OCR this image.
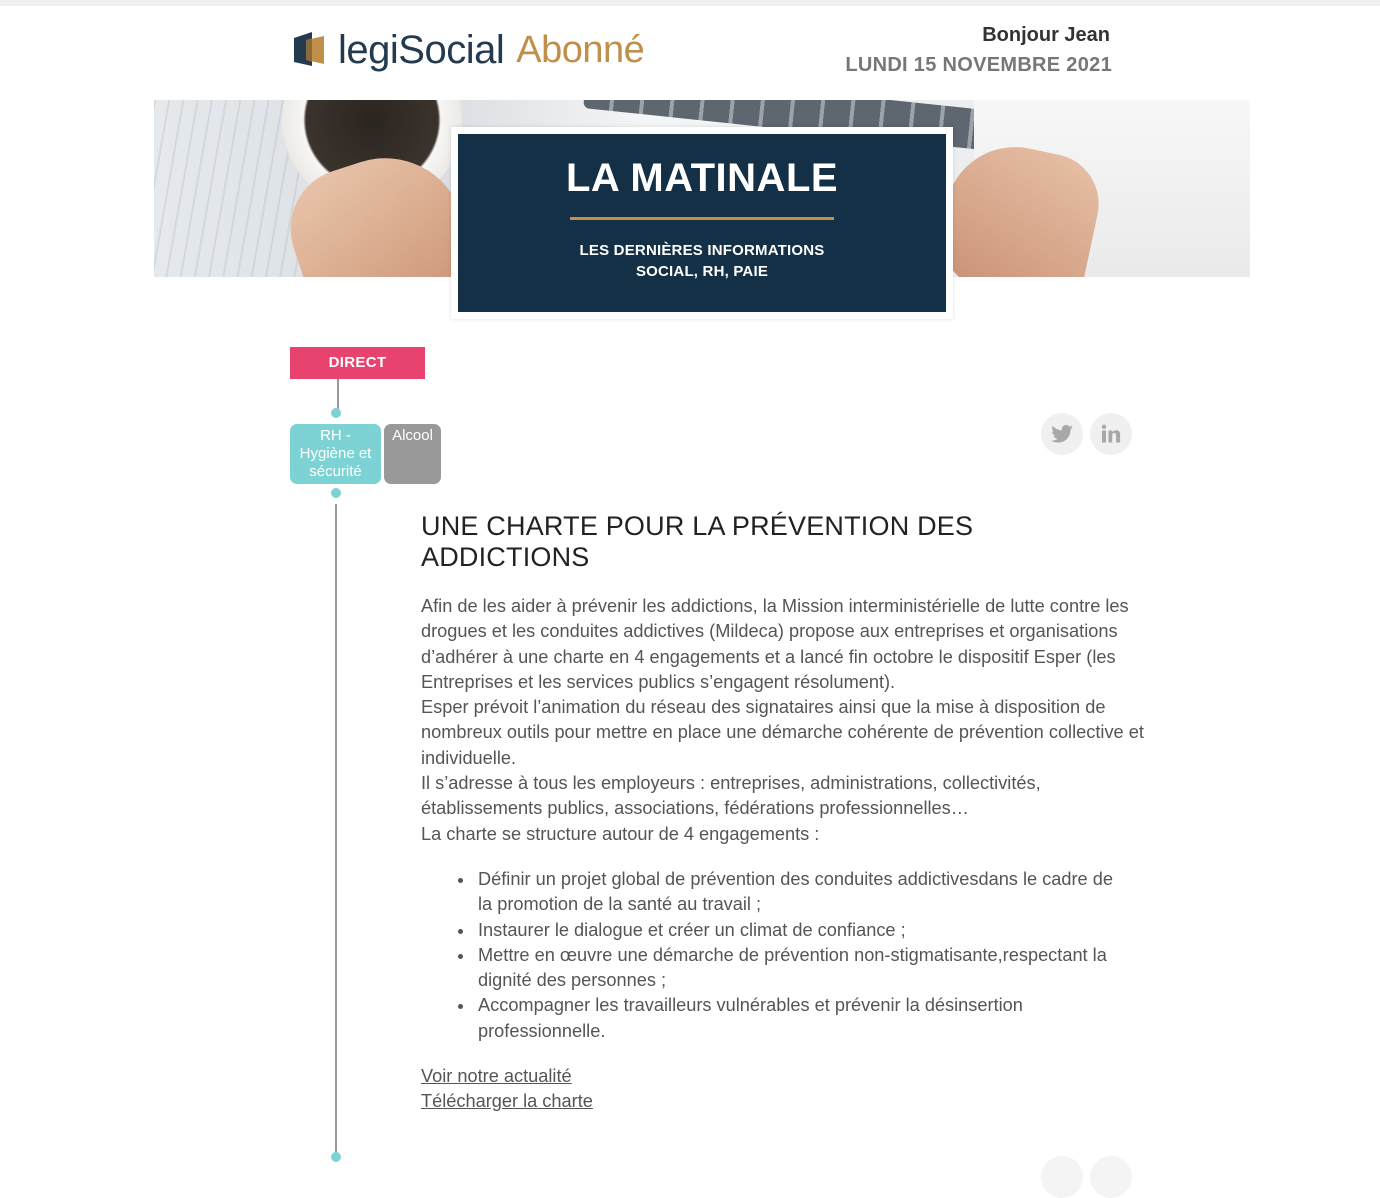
legiSocial Abonné	Bonjour Jean
LUNDI 15 NOVEMBRE 2021
LA MATINALE
LES DERNIÈRES INFORMATIONS
SOCIAL, RH, PAIE
DIRECT
RH -
Hygiène et
sécurité
Alcool
UNE CHARTE POUR LA PRÉVENTION DES
ADDICTIONS

Afin de les aider à prévenir les addictions, la Mission interministérielle de lutte contre les drogues et les conduites addictives (Mildeca) propose aux entreprises et organisations d’adhérer à une charte en 4 engagements et a lancé fin octobre le dispositif Esper (les Entreprises et les services publics s’engagent résolument).

Esper prévoit l’animation du réseau des signataires ainsi que la mise à disposition de nombreux outils pour mettre en place une démarche cohérente de prévention collective et individuelle.

Il s’adresse à tous les employeurs : entreprises, administrations, collectivités, établissements publics, associations, fédérations professionnelles…

La charte se structure autour de 4 engagements :

Définir un projet global de prévention des conduites addictivesdans le cadre de la promotion de la santé au travail ;
Instaurer le dialogue et créer un climat de confiance ;
Mettre en œuvre une démarche de prévention non-stigmatisante,respectant la dignité des personnes ;
Accompagner les travailleurs vulnérables et prévenir la désinsertion professionnelle.
Voir notre actualité
Télécharger la charte
